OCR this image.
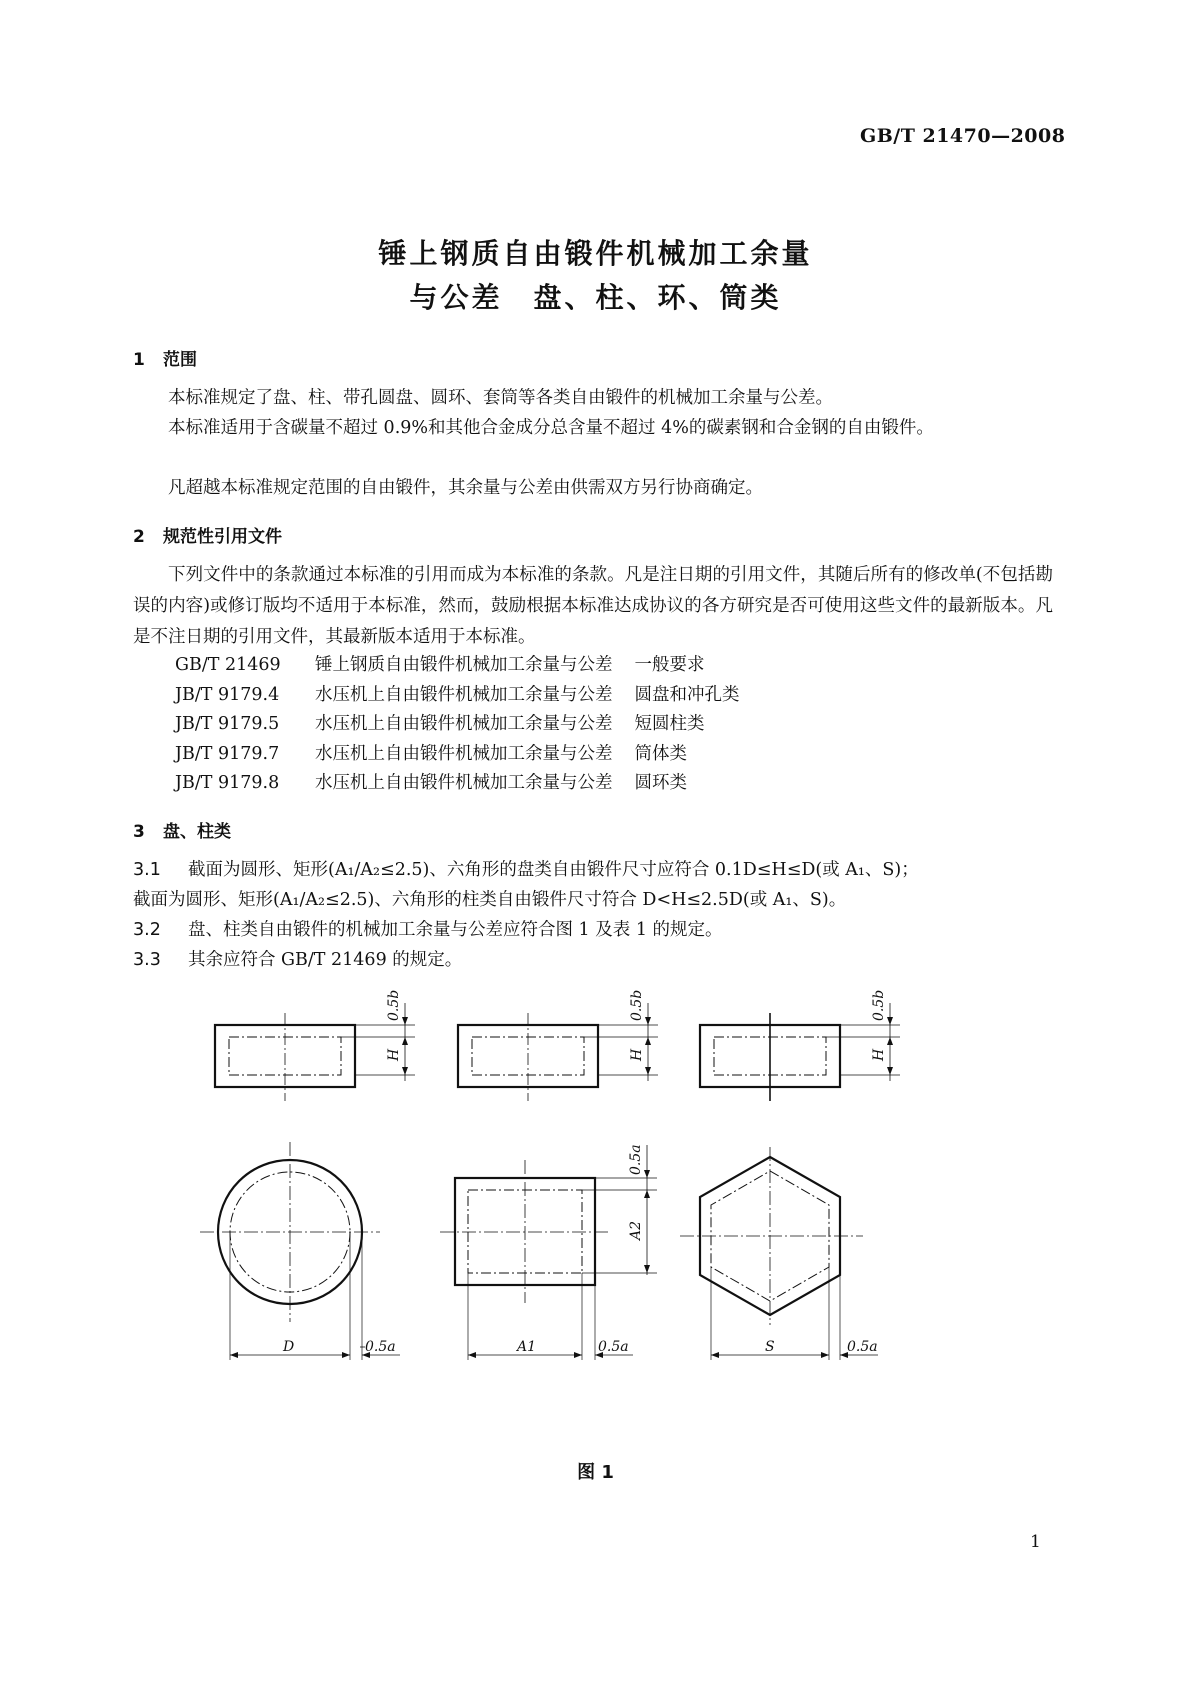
GB/T 21470—2008
锤上钢质自由锻件机械加工余量
与公差　盘、柱、环、筒类
1 范围
本标准规定了盘、柱、带孔圆盘、圆环、套筒等各类自由锻件的机械加工余量与公差。
本标准适用于含碳量不超过 0.9%和其他合金成分总含量不超过 4%的碳素钢和合金钢的自由锻件。
凡超越本标准规定范围的自由锻件，其余量与公差由供需双方另行协商确定。
2 规范性引用文件
下列文件中的条款通过本标准的引用而成为本标准的条款。凡是注日期的引用文件，其随后所有的修改单(不包括勘误的内容)或修订版均不适用于本标准，然而，鼓励根据本标准达成协议的各方研究是否可使用这些文件的最新版本。凡是不注日期的引用文件，其最新版本适用于本标准。
GB/T 21469 锤上钢质自由锻件机械加工余量与公差 一般要求
JB/T 9179.4 水压机上自由锻件机械加工余量与公差 圆盘和冲孔类
JB/T 9179.5 水压机上自由锻件机械加工余量与公差 短圆柱类
JB/T 9179.7 水压机上自由锻件机械加工余量与公差 筒体类
JB/T 9179.8 水压机上自由锻件机械加工余量与公差 圆环类
3 盘、柱类
3.1 截面为圆形、矩形(A₁/A₂≤2.5)、六角形的盘类自由锻件尺寸应符合 0.1D≤H≤D(或 A₁、S)；
截面为圆形、矩形(A₁/A₂≤2.5)、六角形的柱类自由锻件尺寸符合 D<H≤2.5D(或 A₁、S)。
3.2 盘、柱类自由锻件的机械加工余量与公差应符合图 1 及表 1 的规定。
3.3 其余应符合 GB/T 21469 的规定。
0.5b
H
0.5b
H
0.5b
H
0.5a
A2
D	0.5a	A1	0.5a	S	0.5a
图 1
1
